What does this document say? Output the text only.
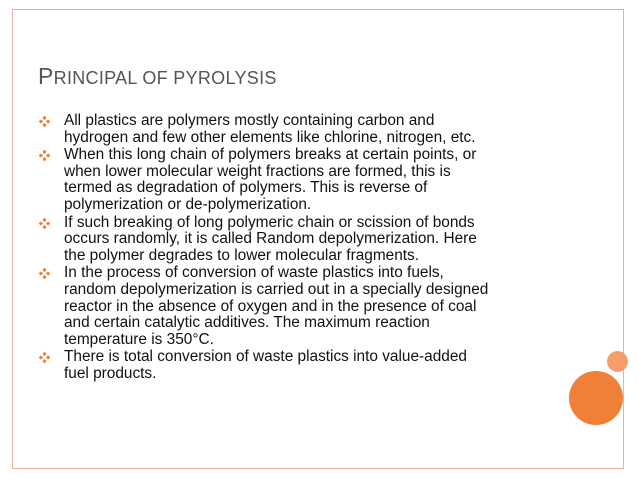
PRINCIPAL OF PYROLYSIS
All plastics are polymers mostly containing carbon and
hydrogen and few other elements like chlorine, nitrogen, etc.
When this long chain of polymers breaks at certain points, or
when lower molecular weight fractions are formed, this is
termed as degradation of polymers. This is reverse of
polymerization or de-polymerization.
If such breaking of long polymeric chain or scission of bonds
occurs randomly, it is called Random depolymerization. Here
the polymer degrades to lower molecular fragments.
In the process of conversion of waste plastics into fuels,
random depolymerization is carried out in a specially designed
reactor in the absence of oxygen and in the presence of coal
and certain catalytic additives. The maximum reaction
temperature is 350°C.
There is total conversion of waste plastics into value-added
fuel products.
